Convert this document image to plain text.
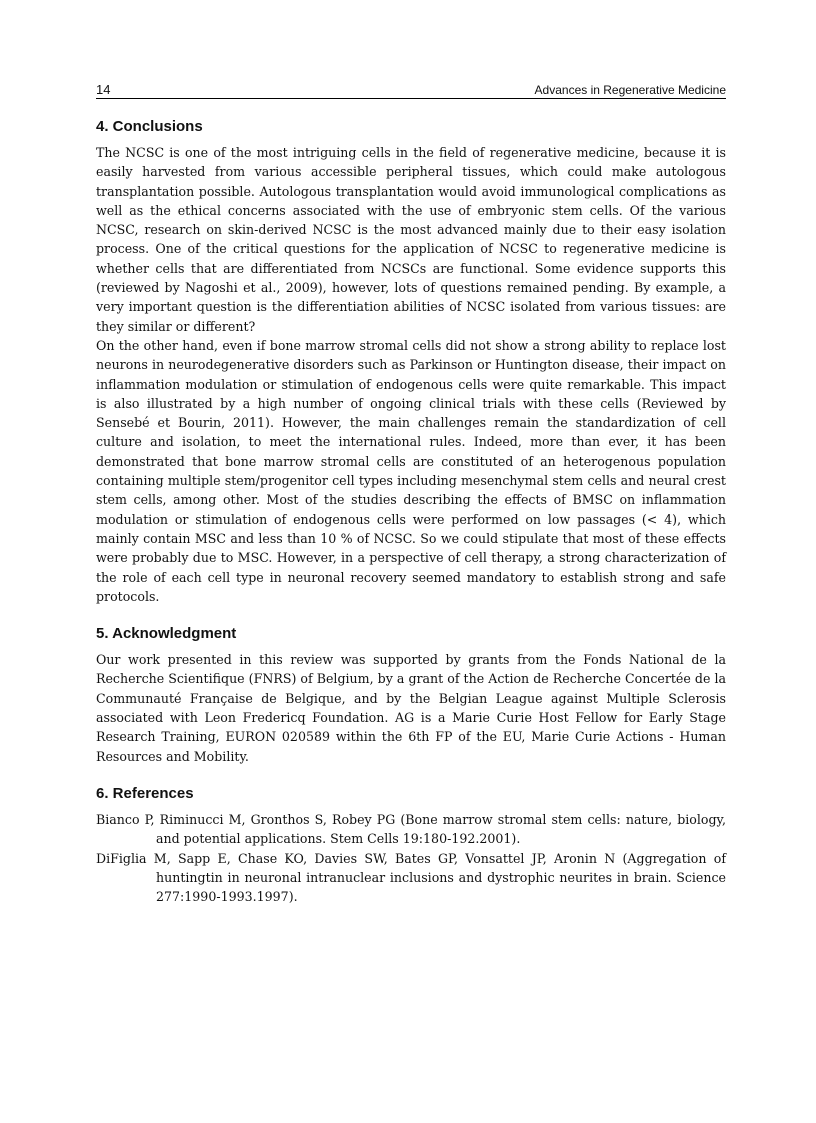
14	Advances in Regenerative Medicine
4. Conclusions

The NCSC is one of the most intriguing cells in the field of regenerative medicine, because it is easily harvested from various accessible peripheral tissues, which could make autologous transplantation possible. Autologous transplantation would avoid immunological complications as well as the ethical concerns associated with the use of embryonic stem cells. Of the various NCSC, research on skin-derived NCSC is the most advanced mainly due to their easy isolation process. One of the critical questions for the application of NCSC to regenerative medicine is whether cells that are differentiated from NCSCs are functional. Some evidence supports this (reviewed by Nagoshi et al., 2009), however, lots of questions remained pending. By example, a very important question is the differentiation abilities of NCSC isolated from various tissues: are they similar or different?

On the other hand, even if bone marrow stromal cells did not show a strong ability to replace lost neurons in neurodegenerative disorders such as Parkinson or Huntington disease, their impact on inflammation modulation or stimulation of endogenous cells were quite remarkable. This impact is also illustrated by a high number of ongoing clinical trials with these cells (Reviewed by Sensebé et Bourin, 2011). However, the main challenges remain the standardization of cell culture and isolation, to meet the international rules. Indeed, more than ever, it has been demonstrated that bone marrow stromal cells are constituted of an heterogenous population containing multiple stem/progenitor cell types including mesenchymal stem cells and neural crest stem cells, among other. Most of the studies describing the effects of BMSC on inflammation modulation or stimulation of endogenous cells were performed on low passages (< 4), which mainly contain MSC and less than 10 % of NCSC. So we could stipulate that most of these effects were probably due to MSC. However, in a perspective of cell therapy, a strong characterization of the role of each cell type in neuronal recovery seemed mandatory to establish strong and safe protocols.

5. Acknowledgment

Our work presented in this review was supported by grants from the Fonds National de la Recherche Scientifique (FNRS) of Belgium, by a grant of the Action de Recherche Concertée de la Communauté Française de Belgique, and by the Belgian League against Multiple Sclerosis associated with Leon Fredericq Foundation. AG is a Marie Curie Host Fellow for Early Stage Research Training, EURON 020589 within the 6th FP of the EU, Marie Curie Actions - Human Resources and Mobility.

6. References

Bianco P, Riminucci M, Gronthos S, Robey PG (Bone marrow stromal stem cells: nature, biology, and potential applications. Stem Cells 19:180-192.2001).

DiFiglia M, Sapp E, Chase KO, Davies SW, Bates GP, Vonsattel JP, Aronin N (Aggregation of huntingtin in neuronal intranuclear inclusions and dystrophic neurites in brain. Science 277:1990-1993.1997).
